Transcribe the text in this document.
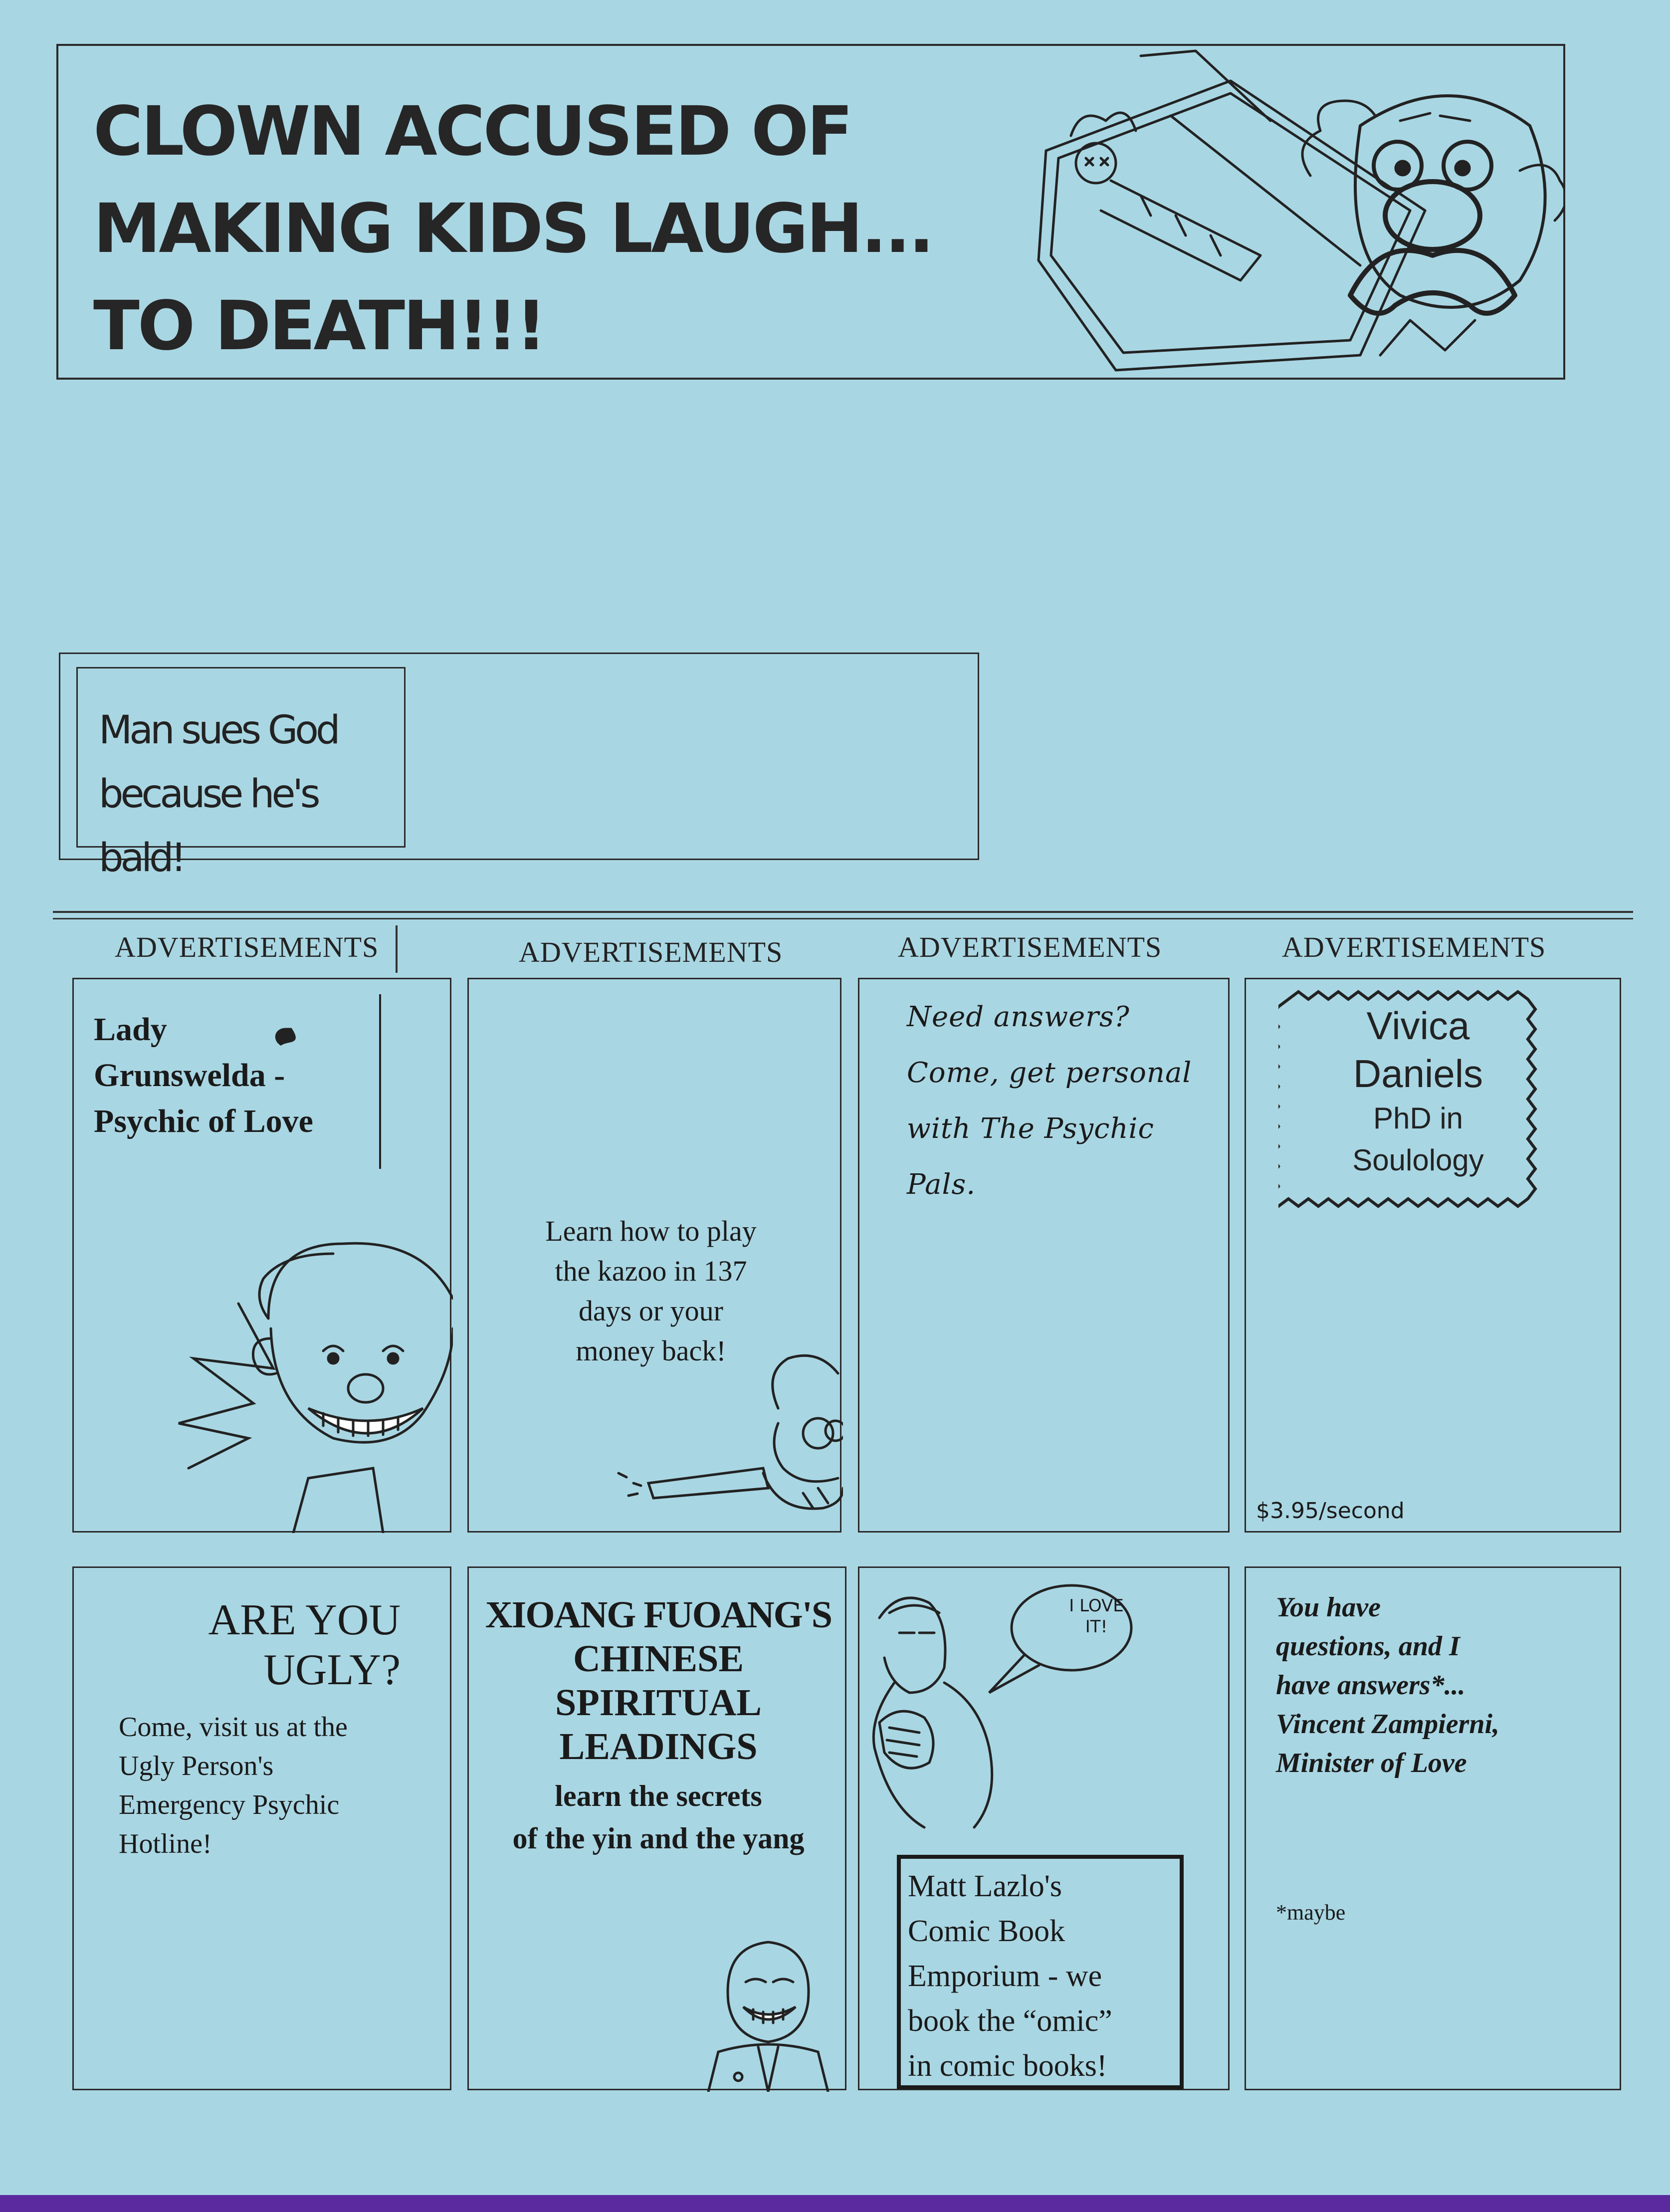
CLOWN ACCUSED OF
MAKING KIDS LAUGH...
TO DEATH!!!
Man sues God
because he's bald!
ADVERTISEMENTS	ADVERTISEMENTS	ADVERTISEMENTS	ADVERTISEMENTS
Lady
Grunswelda -
Psychic of Love
Learn how to play
the kazoo in 137
days or your
money back!
Need answers?
Come, get personal
with The Psychic
Pals.
Vivica
Daniels
PhD in
Soulology
$3.95/second
ARE YOU
UGLY?
Come, visit us at the
Ugly Person's
Emergency Psychic
Hotline!
XIOANG FUOANG'S
CHINESE
SPIRITUAL
LEADINGS
learn the secrets
of the yin and the yang
I LOVE
IT!
Matt Lazlo's
Comic Book
Emporium - we
book the “omic”
in comic books!
You have
questions, and I
have answers*...
Vincent Zampierni,
Minister of Love
*maybe
